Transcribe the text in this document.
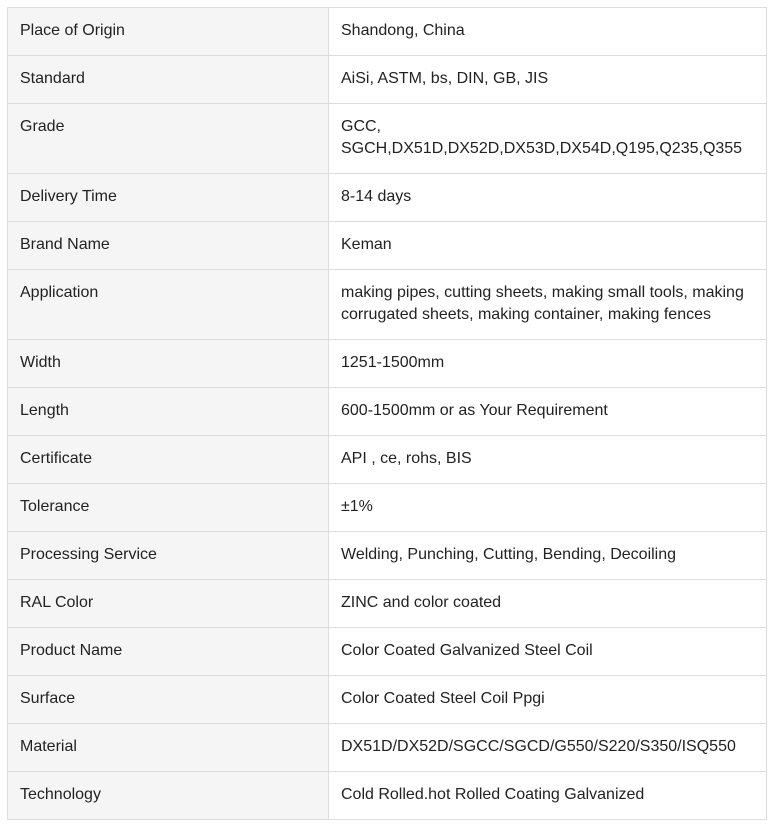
Place of Origin	Shandong, China
Standard	AiSi, ASTM, bs, DIN, GB, JIS
Grade	GCC, SGCH,DX51D,DX52D,DX53D,DX54D,Q195,Q235,Q355
Delivery Time	8-14 days
Brand Name	Keman
Application	making pipes, cutting sheets, making small tools, making corrugated sheets, making container, making fences
Width	1251-1500mm
Length	600-1500mm or as Your Requirement
Certificate	API , ce, rohs, BIS
Tolerance	±1%
Processing Service	Welding, Punching, Cutting, Bending, Decoiling
RAL Color	ZINC and color coated
Product Name	Color Coated Galvanized Steel Coil
Surface	Color Coated Steel Coil Ppgi
Material	DX51D/DX52D/SGCC/SGCD/G550/S220/S350/ISQ550
Technology	Cold Rolled.hot Rolled Coating Galvanized
